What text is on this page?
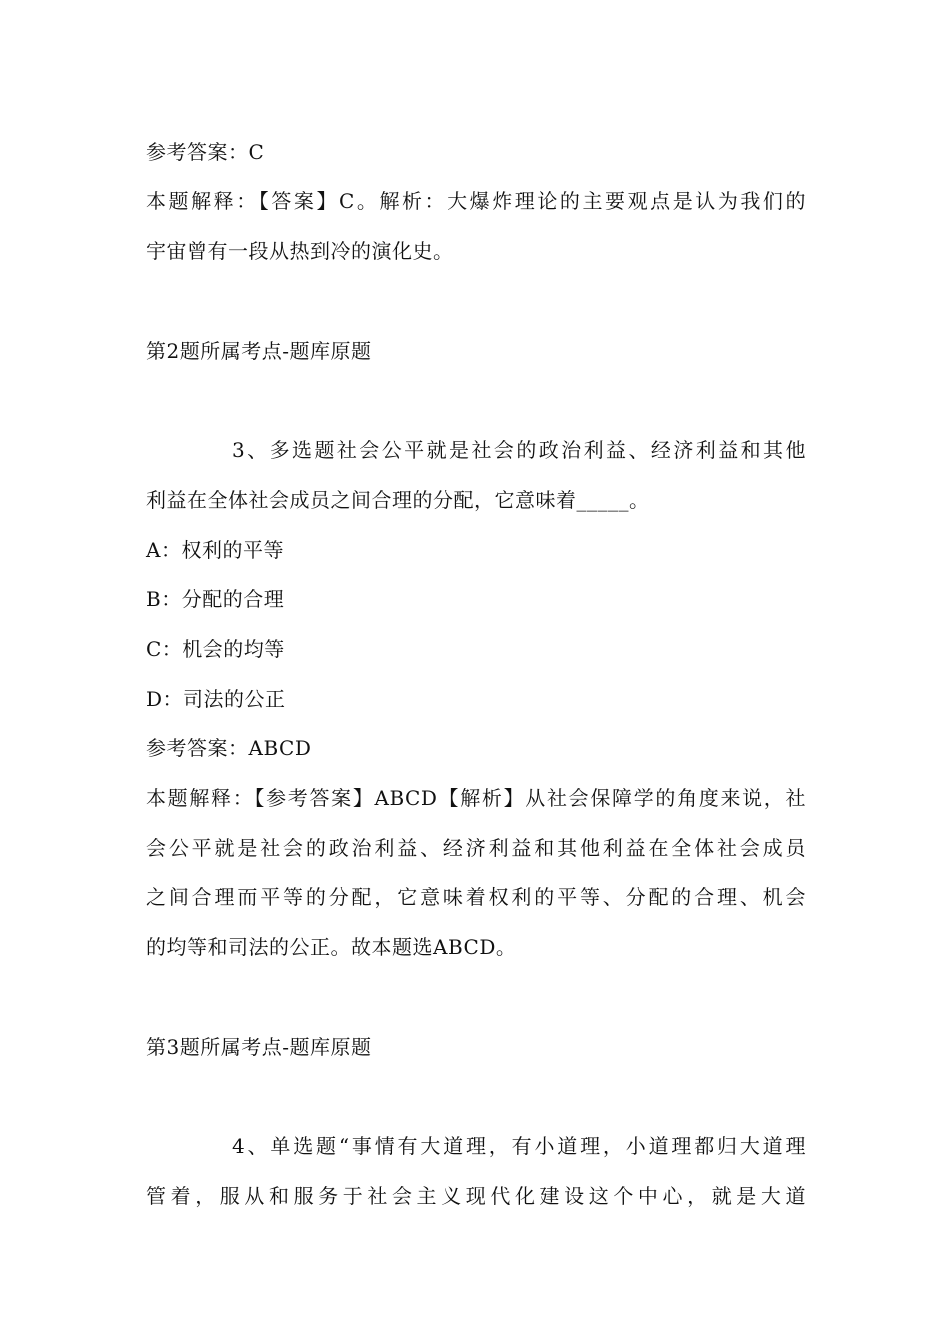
参考答案：C
本题解释：【答案】C。解析：大爆炸理论的主要观点是认为我们的
宇宙曾有一段从热到冷的演化史。
第2题所属考点-题库原题
3、多选题社会公平就是社会的政治利益、经济利益和其他
利益在全体社会成员之间合理的分配，它意味着_____。
A：权利的平等
B：分配的合理
C：机会的均等
D：司法的公正
参考答案：ABCD
本题解释：【参考答案】ABCD【解析】从社会保障学的角度来说，社
会公平就是社会的政治利益、经济利益和其他利益在全体社会成员
之间合理而平等的分配，它意味着权利的平等、分配的合理、机会
的均等和司法的公正。故本题选ABCD。
第3题所属考点-题库原题
4、单选题“事情有大道理，有小道理，小道理都归大道理
管着，服从和服务于社会主义现代化建设这个中心，就是大道
